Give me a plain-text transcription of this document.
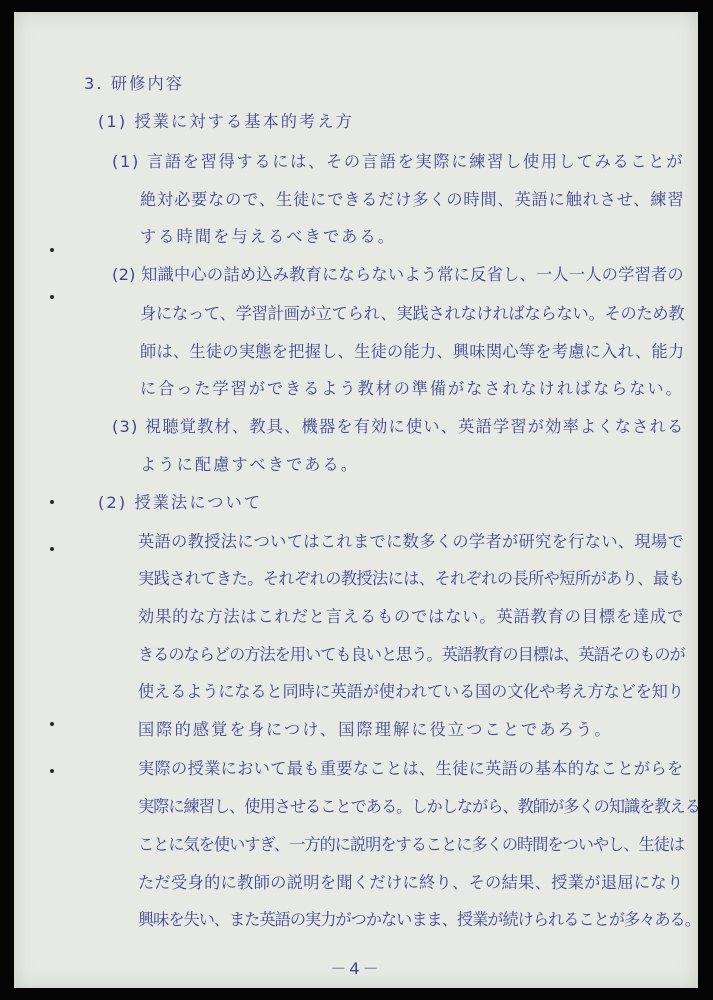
3. 研修内容
(1) 授業に対する基本的考え方
(1) 言語を習得するには、その言語を実際に練習し使用してみることが
絶対必要なので、生徒にできるだけ多くの時間、英語に触れさせ、練習
する時間を与えるべきである。
(2) 知識中心の詰め込み教育にならないよう常に反省し、一人一人の学習者の
身になって、学習計画が立てられ、実践されなければならない。そのため教
師は、生徒の実態を把握し、生徒の能力、興味関心等を考慮に入れ、能力
に合った学習ができるよう教材の準備がなされなければならない。
(3) 視聴覚教材、教具、機器を有効に使い、英語学習が効率よくなされる
ように配慮すべきである。
(2) 授業法について
英語の教授法についてはこれまでに数多くの学者が研究を行ない、現場で
実践されてきた。それぞれの教授法には、それぞれの長所や短所があり、最も
効果的な方法はこれだと言えるものではない。英語教育の目標を達成で
きるのならどの方法を用いても良いと思う。英語教育の目標は、英語そのものが
使えるようになると同時に英語が使われている国の文化や考え方などを知り
国際的感覚を身につけ、国際理解に役立つことであろう。
実際の授業において最も重要なことは、生徒に英語の基本的なことがらを
実際に練習し、使用させることである。しかしながら、教師が多くの知識を教える
ことに気を使いすぎ、一方的に説明をすることに多くの時間をついやし、生徒は
ただ受身的に教師の説明を聞くだけに終り、その結果、授業が退屈になり
興味を失い、また英語の実力がつかないまま、授業が続けられることが多々ある。
－4－
